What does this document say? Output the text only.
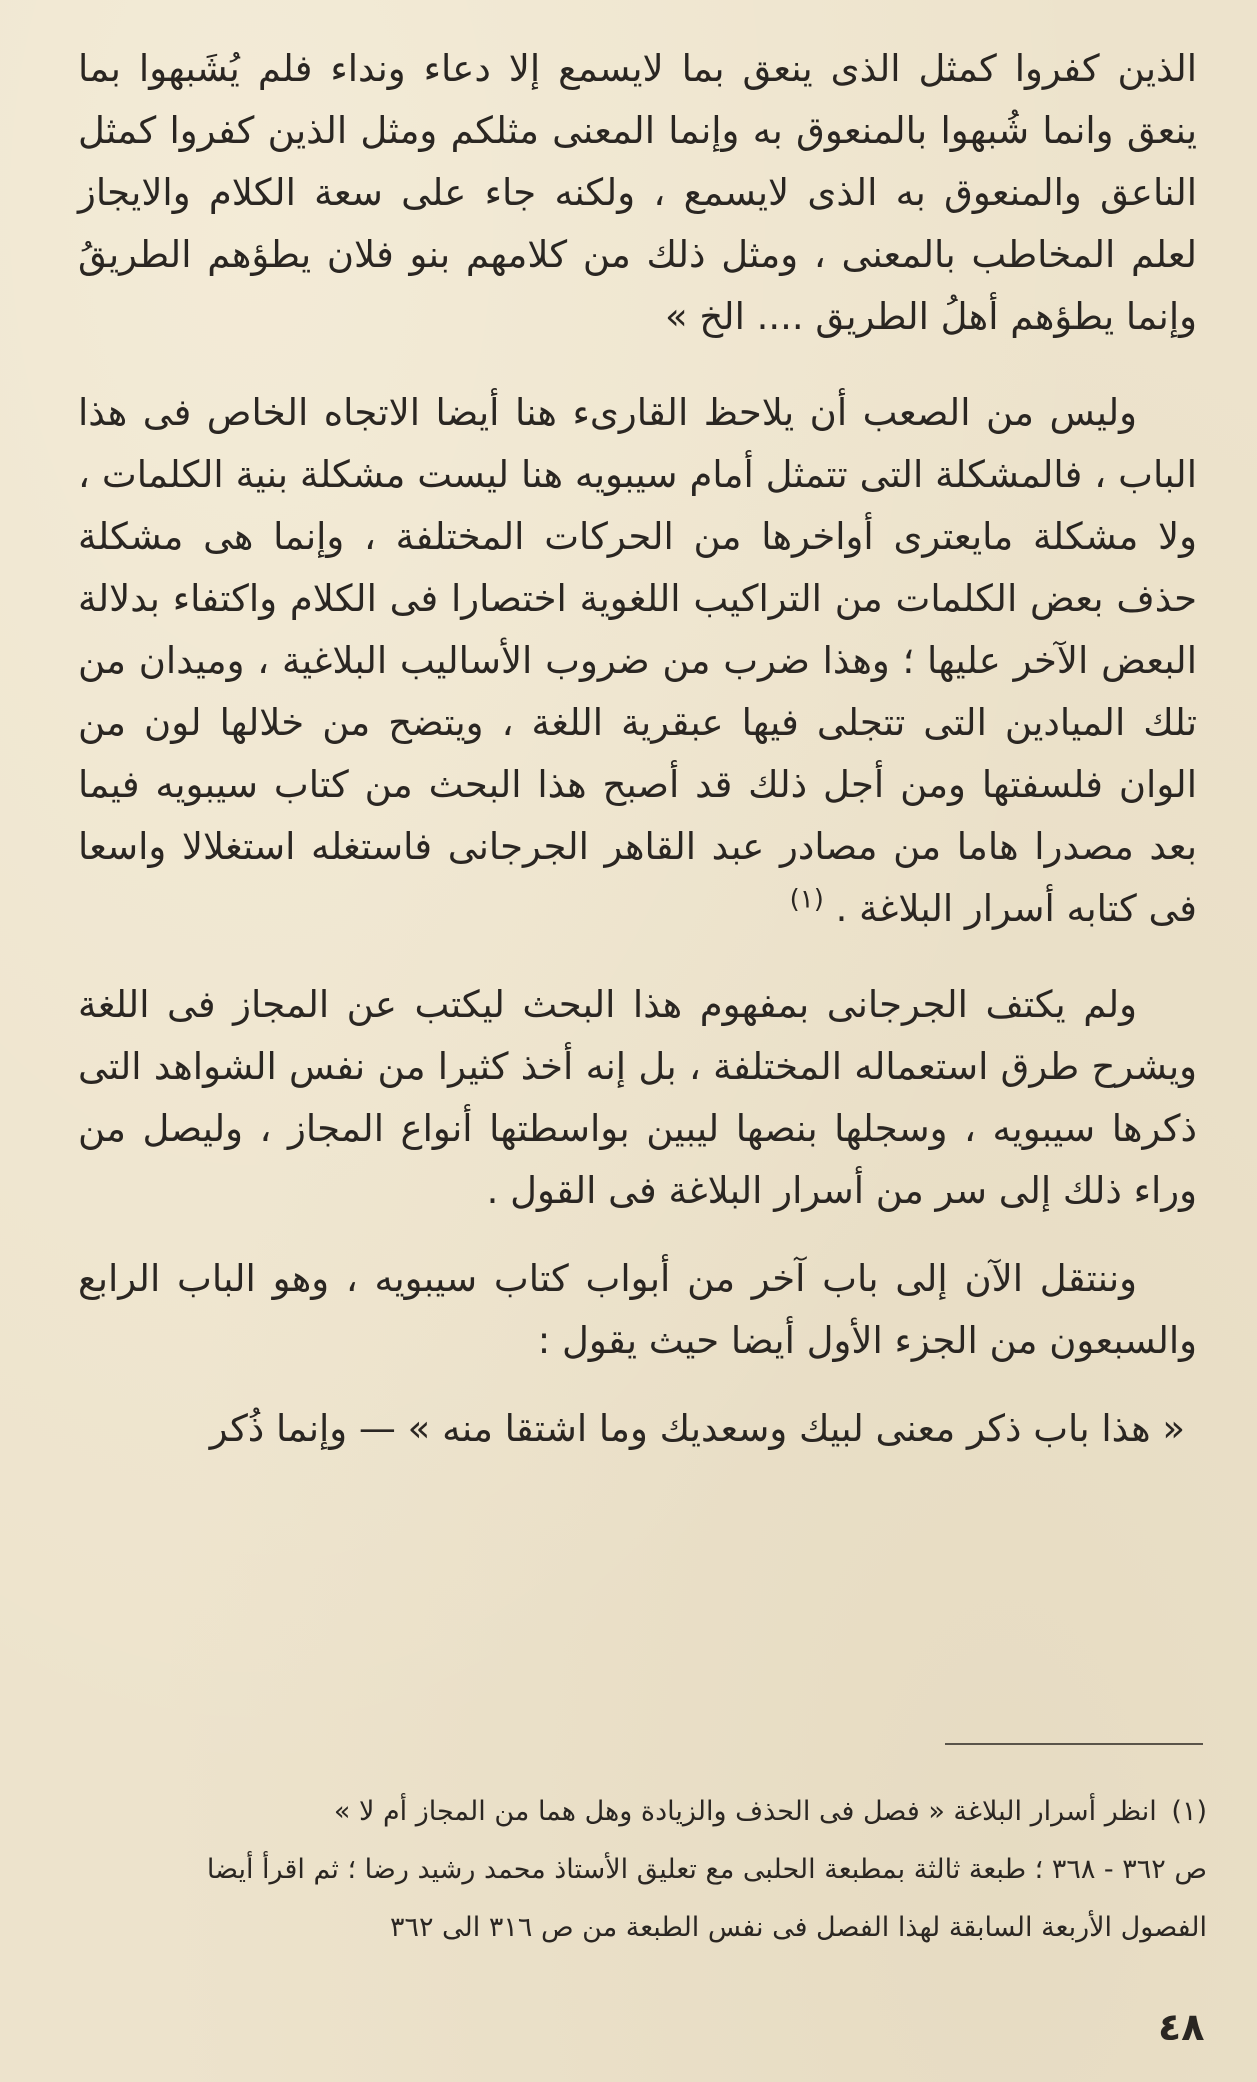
الذين كفروا كمثل الذى ينعق بما لايسمع إلا دعاء ونداء فلم يُشَبهوا بما ينعق وانما شُبهوا بالمنعوق به وإنما المعنى مثلكم ومثل الذين كفروا كمثل الناعق والمنعوق به الذى لايسمع ، ولكنه جاء على سعة الكلام والايجاز لعلم المخاطب بالمعنى ، ومثل ذلك من كلامهم بنو فلان يطؤهم الطريقُ وإنما يطؤهم أهلُ الطريق .... الخ »

وليس من الصعب أن يلاحظ القارىء هنا أيضا الاتجاه الخاص فى هذا الباب ، فالمشكلة التى تتمثل أمام سيبويه هنا ليست مشكلة بنية الكلمات ، ولا مشكلة مايعترى أواخرها من الحركات المختلفة ، وإنما هى مشكلة حذف بعض الكلمات من التراكيب اللغوية اختصارا فى الكلام واكتفاء بدلالة البعض الآخر عليها ؛ وهذا ضرب من ضروب الأساليب البلاغية ، وميدان من تلك الميادين التى تتجلى فيها عبقرية اللغة ، ويتضح من خلالها لون من الوان فلسفتها ومن أجل ذلك قد أصبح هذا البحث من كتاب سيبويه فيما بعد مصدرا هاما من مصادر عبد القاهر الجرجانى فاستغله استغلالا واسعا فى كتابه أسرار البلاغة . $^{(١)}$

ولم يكتف الجرجانى بمفهوم هذا البحث ليكتب عن المجاز فى اللغة ويشرح طرق استعماله المختلفة ، بل إنه أخذ كثيرا من نفس الشواهد التى ذكرها سيبويه ، وسجلها بنصها ليبين بواسطتها أنواع المجاز ، وليصل من وراء ذلك إلى سر من أسرار البلاغة فى القول .

وننتقل الآن إلى باب آخر من أبواب كتاب سيبويه ، وهو الباب الرابع والسبعون من الجزء الأول أيضا حيث يقول :

« هذا باب ذكر معنى لبيك وسعديك وما اشتقا منه » — وإنما ذُكر

(١) انظر أسرار البلاغة « فصل فى الحذف والزيادة وهل هما من المجاز أم لا »

ص ٣٦٢ - ٣٦٨ ؛ طبعة ثالثة بمطبعة الحلبى مع تعليق الأستاذ محمد رشيد رضا ؛ ثم اقرأ أيضا

الفصول الأربعة السابقة لهذا الفصل فى نفس الطبعة من ص ٣١٦ الى ٣٦٢

٤٨
